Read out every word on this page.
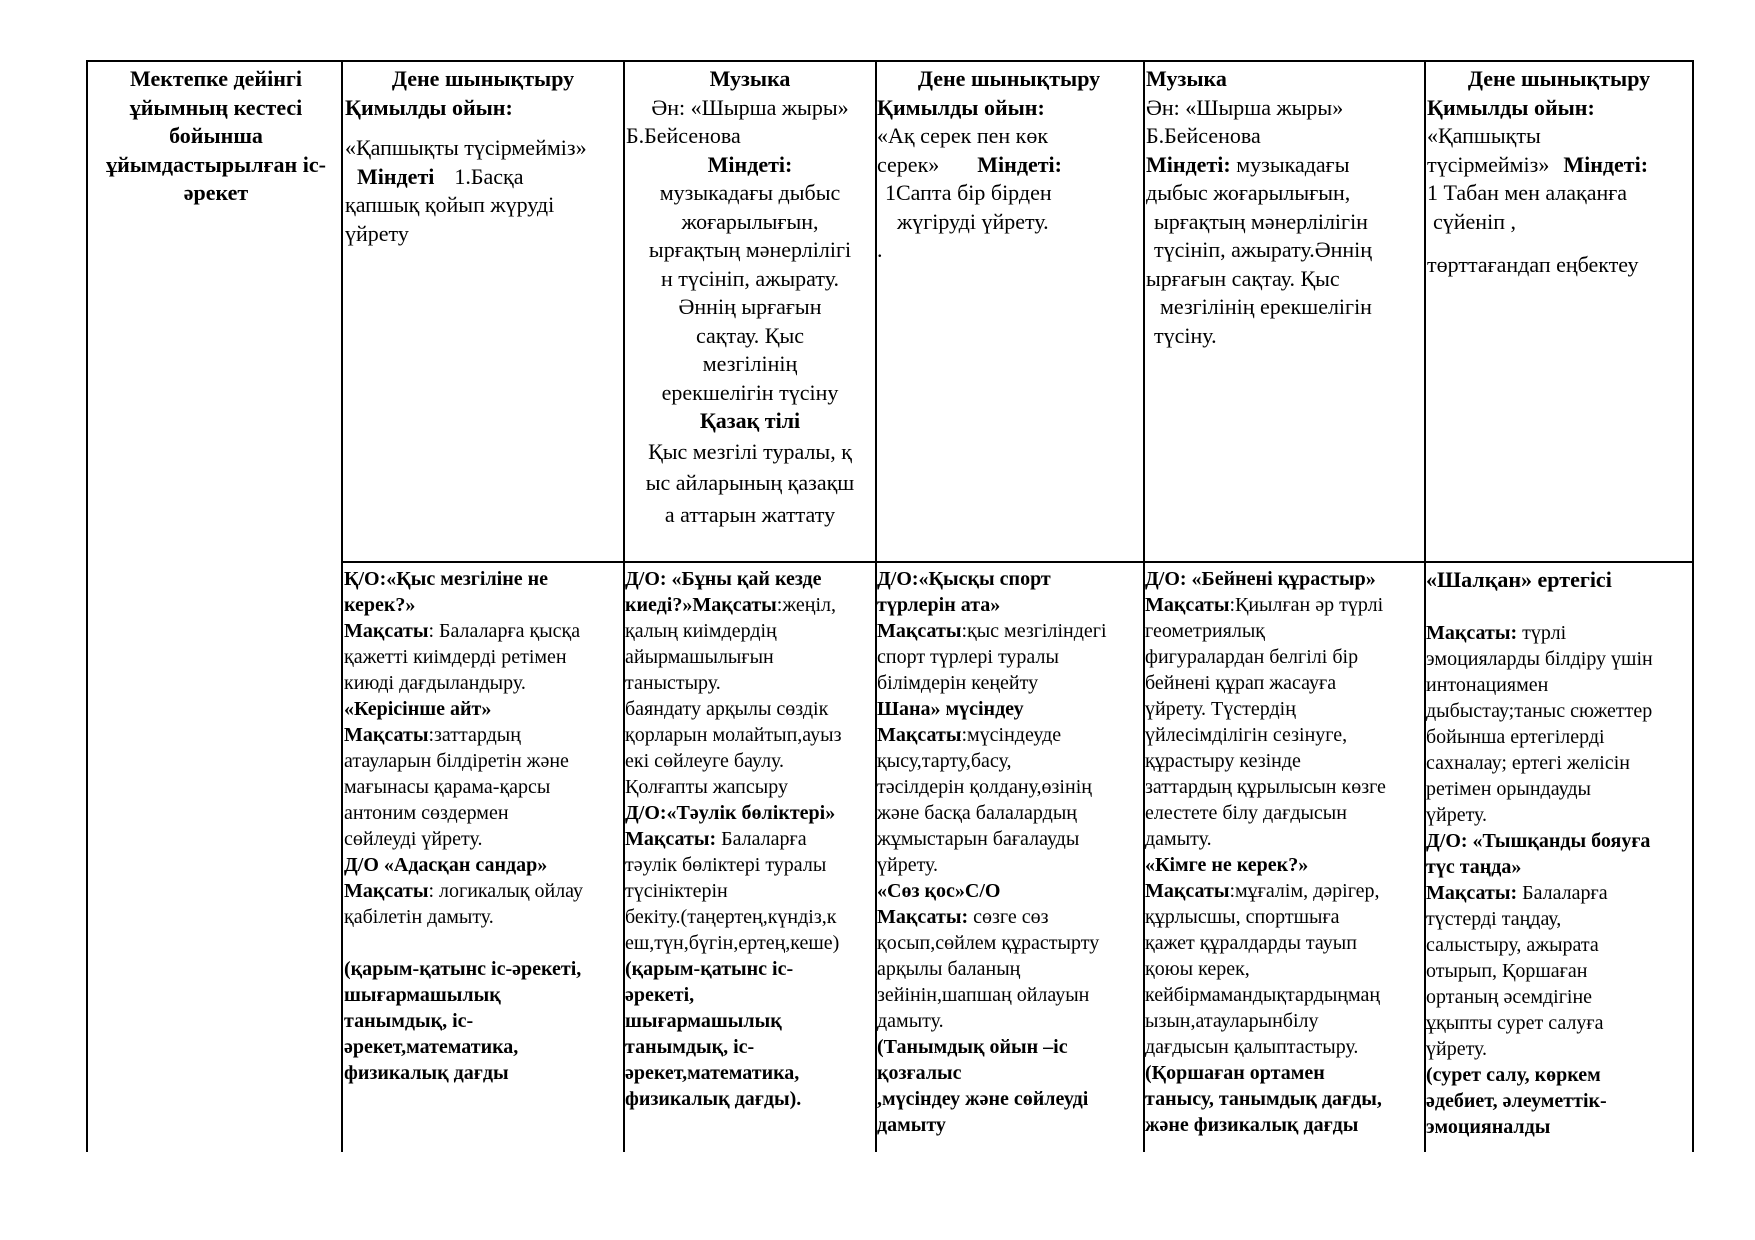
Мектепке дейінгі ұйымның кестесі бойынша ұйымдастырылған іс-әрекет

Дене шынықтыру

Қимылды ойын:

«Қапшықты түсірмейміз»

Міндеті 1.Басқа

қапшық қойып жүруді

үйрету

Музыка

Ән: «Шырша жыры»

Б.Бейсенова

Міндеті:

музыкадағы дыбыс

жоғарылығын,

ырғақтың мәнерлілігі

н түсініп, ажырату.

Әннің ырғағын

сақтау. Қыс

мезгілінің

ерекшелігін түсіну

Қазақ тілі

Қыс мезгілі туралы, қ

ыс айларының қазақш

а аттарын жаттату

Дене шынықтыру

Қимылды ойын:

«Ақ серек пен көк

серек» Міндеті:

1Сапта бір бірден

жүгіруді үйрету.

.

Музыка

Ән: «Шырша жыры»

Б.Бейсенова

Міндеті: музыкадағы

дыбыс жоғарылығын,

ырғақтың мәнерлілігін

түсініп, ажырату.Әннің

ырғағын сақтау. Қыс

мезгілінің ерекшелігін

түсіну.

Дене шынықтыру

Қимылды ойын:

«Қапшықты

түсірмейміз» Міндеті:

1 Табан мен алақанға

сүйеніп ,

төрттағандап еңбектеу

Қ/О:«Қыс мезгіліне не

керек?»

Мақсаты: Балаларға қысқа

қажетті киімдерді ретімен

киюді дағдыландыру.

«Керісінше айт»

Мақсаты:заттардың

атауларын білдіретін және

мағынасы қарама-қарсы

антоним сөздермен

сөйлеуді үйрету.

Д/О «Адасқан сандар»

Мақсаты: логикалық ойлау

қабілетін дамыту.

(қарым-қатынс іс-әрекеті,

шығармашылық

танымдық, іс-

әрекет,математика,

физикалық дағды

Д/О: «Бұны қай кезде

киеді?»Мақсаты:жеңіл,

қалың киімдердің

айырмашылығын

таныстыру.

баяндату арқылы сөздік

қорларын молайтып,ауыз

екі сөйлеуге баулу.

Қолғапты жапсыру

Д/О:«Тәулік бөліктері»

Мақсаты: Балаларға

тәулік бөліктері туралы

түсініктерін

бекіту.(таңертең,күндіз,к

еш,түн,бүгін,ертең,кеше)

(қарым-қатынс іс-

әрекеті,

шығармашылық

танымдық, іс-

әрекет,математика,

физикалық дағды).

Д/О:«Қысқы спорт

түрлерін ата»

Мақсаты:қыс мезгіліндегі

спорт түрлері туралы

білімдерін кеңейту

Шана» мүсіндеу

Мақсаты:мүсіндеуде

қысу,тарту,басу,

тәсілдерін қолдану,өзінің

және басқа балалардың

жұмыстарын бағалауды

үйрету.

«Сөз қос»С/О

Мақсаты: сөзге сөз

қосып,сөйлем құрастырту

арқылы баланың

зейінін,шапшаң ойлауын

дамыту.

(Танымдық ойын –іс

қозғалыс

,мүсіндеу және сөйлеуді

дамыту

Д/О: «Бейнені құрастыр»

Мақсаты:Қиылған әр түрлі

геометриялық

фигуралардан белгілі бір

бейнені құрап жасауға

үйрету. Түстердің

үйлесімділігін сезінуге,

құрастыру кезінде

заттардың құрылысын көзге

елестете білу дағдысын

дамыту.

«Кімге не керек?»

Мақсаты:мұғалім, дәрігер,

құрлысшы, спортшыға

қажет құралдарды тауып

қоюы керек,

кейбірмамандықтардыңмаң

ызын,атауларынбілу

дағдысын қалыптастыру.

(Қоршаған ортамен

танысу, танымдық дағды,

және физикалық дағды

«Шалқан» ертегісі

Мақсаты: түрлі

эмоцияларды білдіру үшін

интонациямен

дыбыстау;таныс сюжеттер

бойынша ертегілерді

сахналау; ертегі желісін

ретімен орындауды

үйрету.

Д/О: «Тышқанды бояуға

түс таңда»

Мақсаты: Балаларға

түстерді таңдау,

салыстыру, ажырата

отырып, Қоршаған

ортаның әсемдігіне

ұқыпты сурет салуға

үйрету.

(сурет салу, көркем

әдебиет, әлеуметтік-

эмоцияналды
